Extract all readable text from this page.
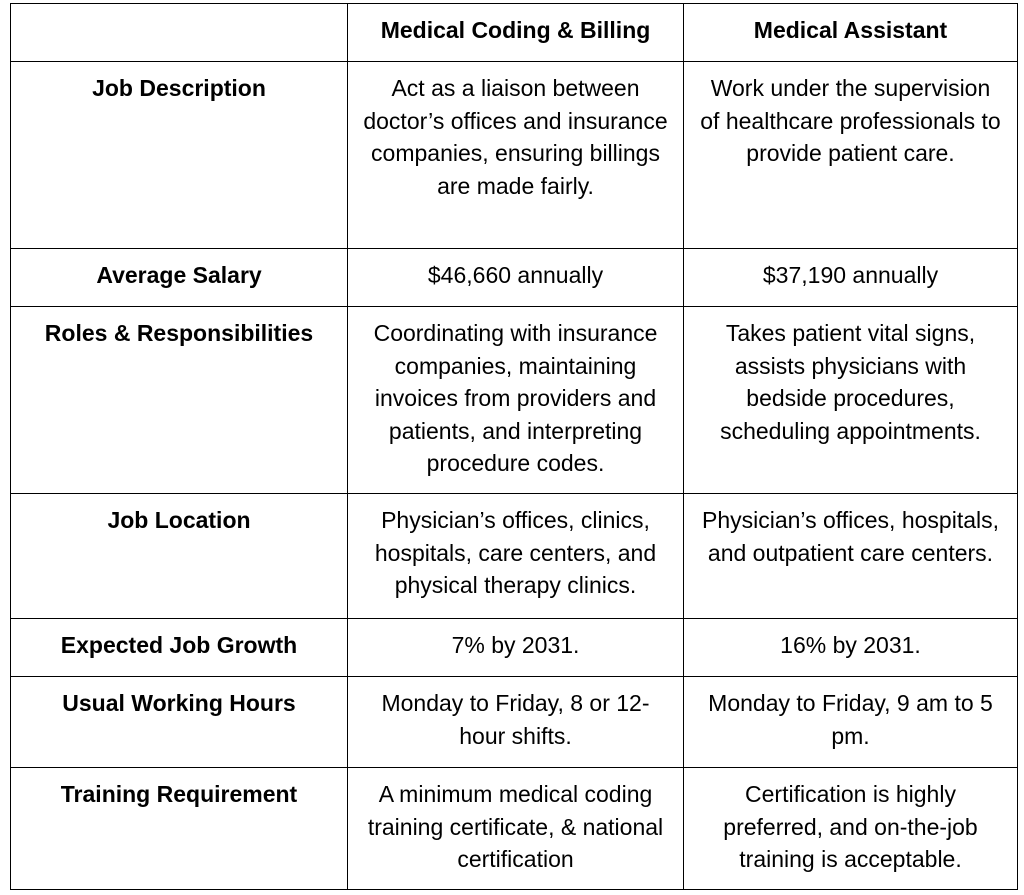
	Medical Coding & Billing	Medical Assistant
Job Description	Act as a liaison between doctor’s offices and insurance companies, ensuring billings are made fairly.	Work under the supervision of healthcare professionals to provide patient care.
Average Salary	$46,660 annually	$37,190 annually
Roles & Responsibilities	Coordinating with insurance companies, maintaining invoices from providers and patients, and interpreting procedure codes.	Takes patient vital signs, assists physicians with bedside procedures, scheduling appointments.
Job Location	Physician’s offices, clinics, hospitals, care centers, and physical therapy clinics.	Physician’s offices, hospitals, and outpatient care centers.
Expected Job Growth	7% by 2031.	16% by 2031.
Usual Working Hours	Monday to Friday, 8 or 12-hour shifts.	Monday to Friday, 9 am to 5 pm.
Training Requirement	A minimum medical coding training certificate, & national certification	Certification is highly preferred, and on-the-job training is acceptable.
